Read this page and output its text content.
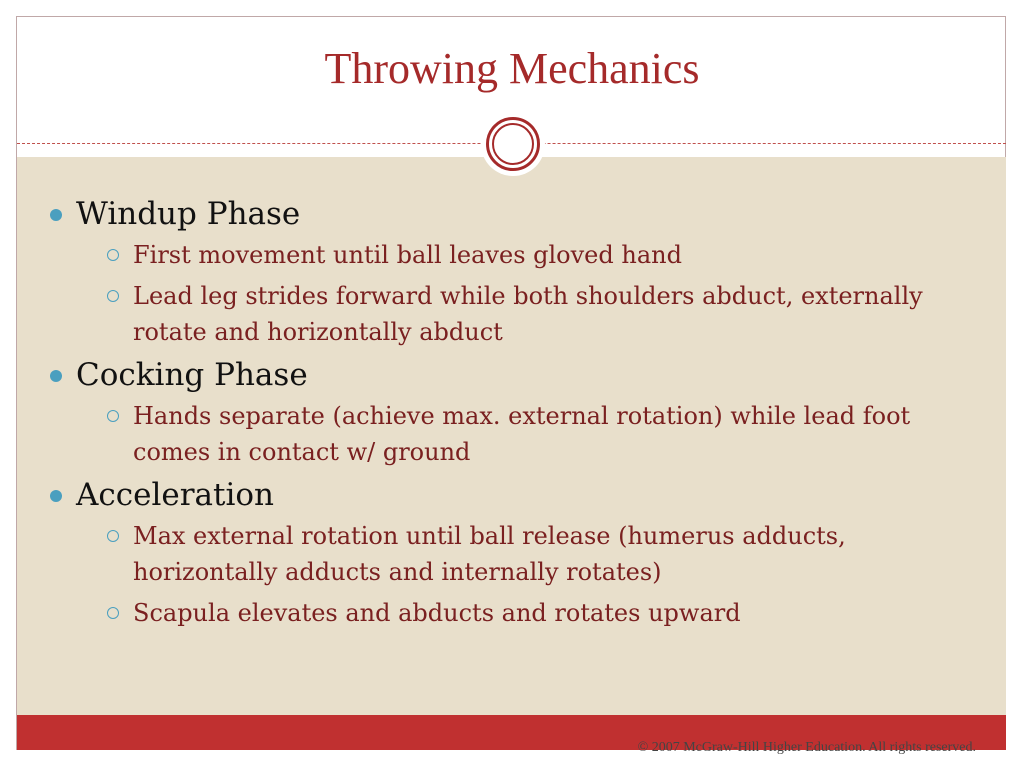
Throwing Mechanics
Windup Phase
First movement until ball leaves gloved hand
Lead leg strides forward while both shoulders abduct, externally rotate and horizontally abduct
Cocking Phase
Hands separate (achieve max. external rotation) while lead foot comes in contact w/ ground
Acceleration
Max external rotation until ball release (humerus adducts, horizontally adducts and internally rotates)
Scapula elevates and abducts and rotates upward
© 2007 McGraw-Hill Higher Education. All rights reserved.
